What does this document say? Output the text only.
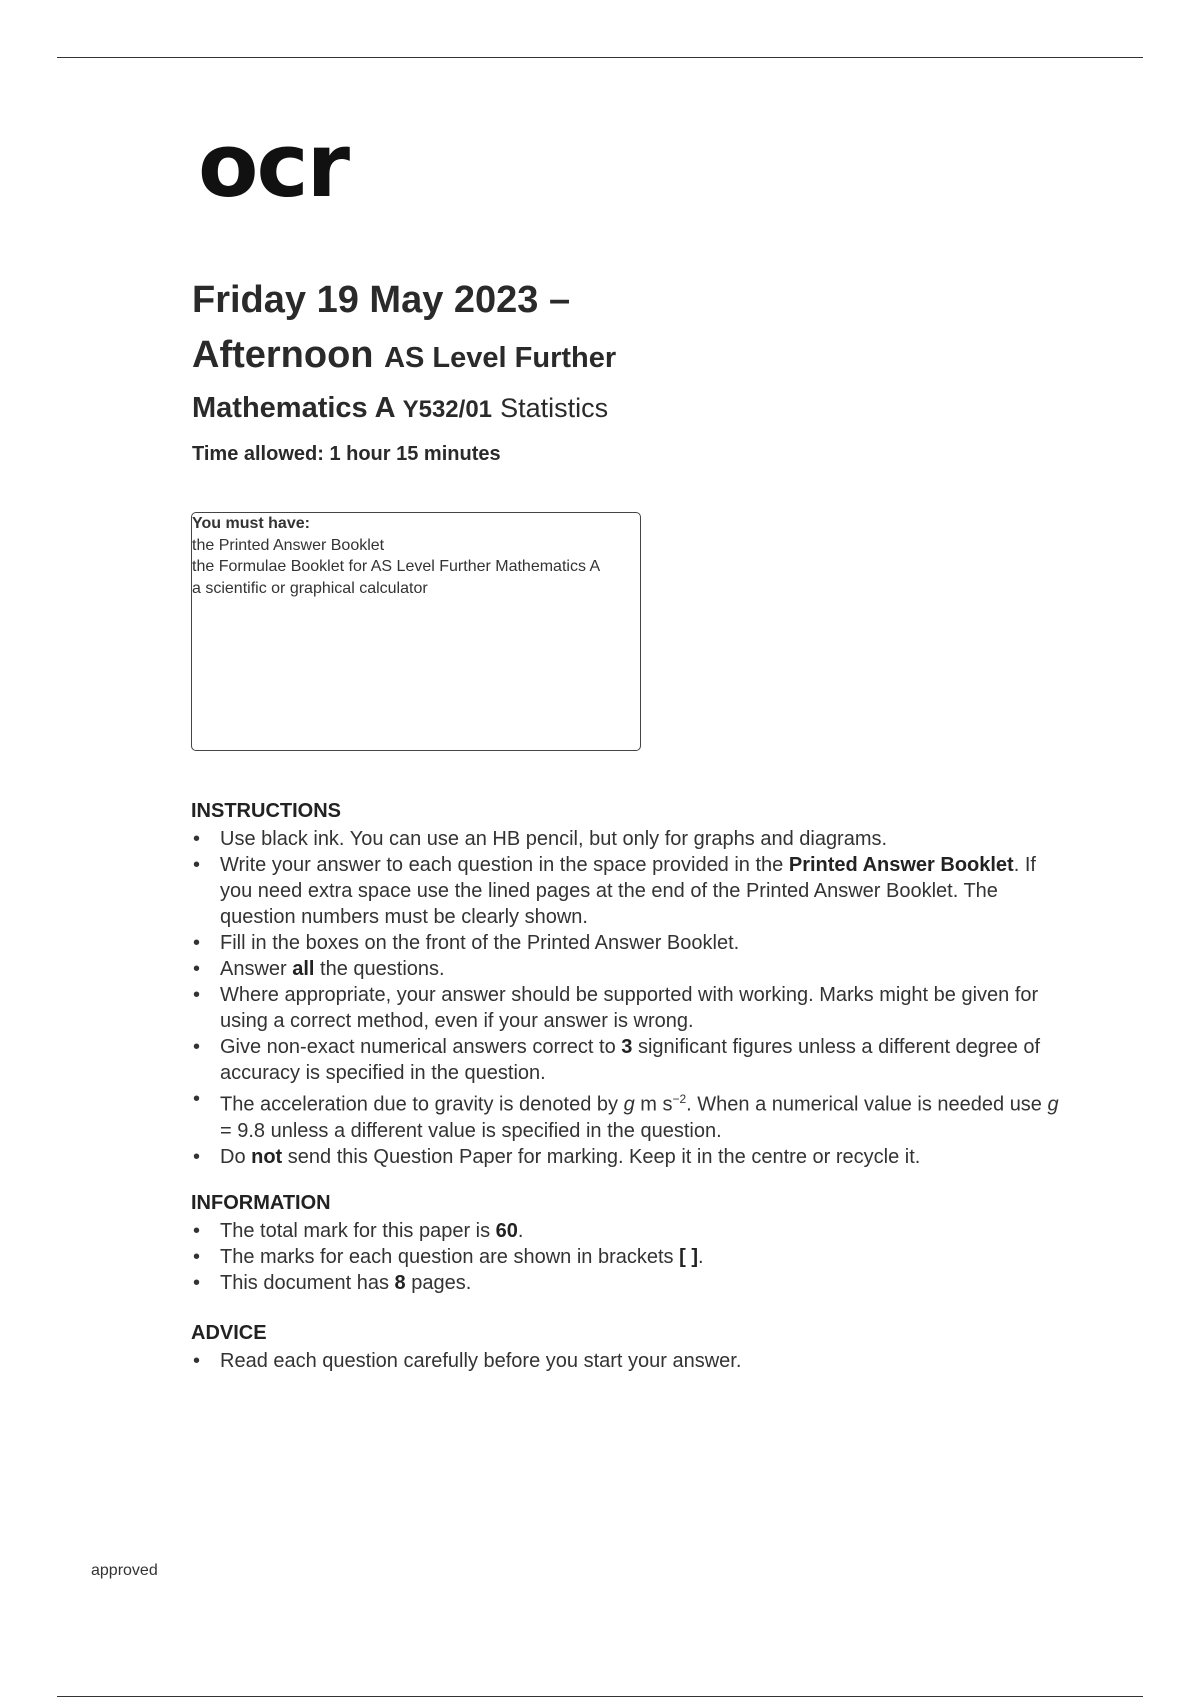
ocr
Friday 19 May 2023 –
Afternoon AS Level Further
Mathematics A Y532/01 Statistics
Time allowed: 1 hour 15 minutes
You must have:
the Printed Answer Booklet
the Formulae Booklet for AS Level Further Mathematics A
a scientific or graphical calculator
INSTRUCTIONS
• Use black ink. You can use an HB pencil, but only for graphs and diagrams.
• Write your answer to each question in the space provided in the Printed Answer Booklet. If you need extra space use the lined pages at the end of the Printed Answer Booklet. The question numbers must be clearly shown.
• Fill in the boxes on the front of the Printed Answer Booklet.
• Answer all the questions.
• Where appropriate, your answer should be supported with working. Marks might be given for using a correct method, even if your answer is wrong.
• Give non-exact numerical answers correct to 3 significant figures unless a different degree of accuracy is specified in the question.
• The acceleration due to gravity is denoted by g m $s^{-2}$. When a numerical value is needed use g = 9.8 unless a different value is specified in the question.
• Do not send this Question Paper for marking. Keep it in the centre or recycle it.
INFORMATION
• The total mark for this paper is 60.
• The marks for each question are shown in brackets [ ].
• This document has 8 pages.
ADVICE
• Read each question carefully before you start your answer.
approved
